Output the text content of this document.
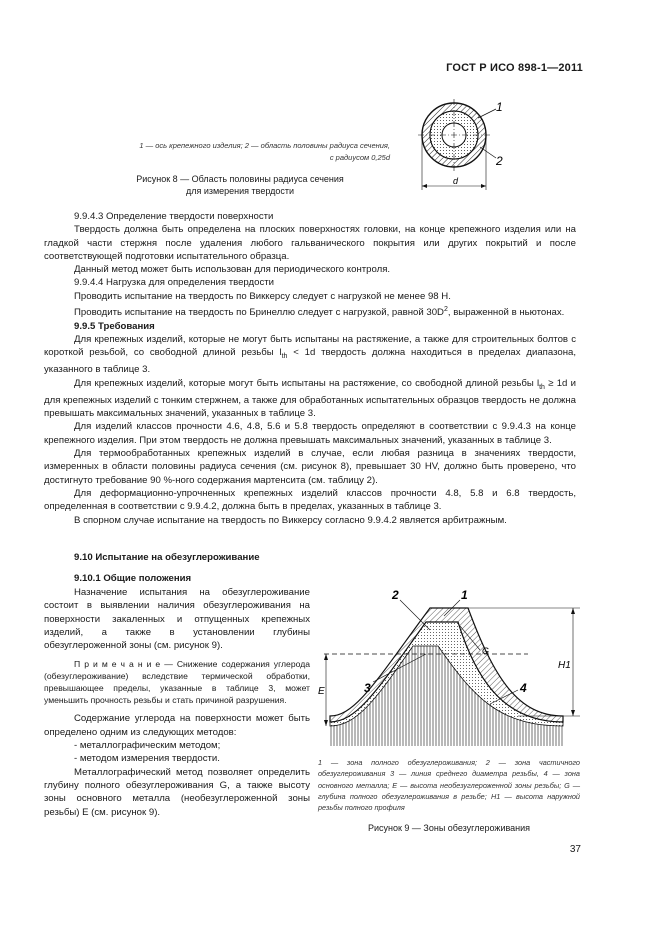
ГОСТ Р ИСО 898-1—2011
1 — ось крепежного изделия; 2 — область половины радиуса сечения,
с радиусом 0,25d
1
2
d
Рисунок 8 — Область половины радиуса сечения
для измерения твердости

9.9.4.3 Определение твердости поверхности

Твердость должна быть определена на плоских поверхностях головки, на конце крепежного изделия или на гладкой части стержня после удаления любого гальванического покрытия или других покрытий и после соответствующей подготовки испытательного образца.

Данный метод может быть использован для периодического контроля.

9.9.4.4 Нагрузка для определения твердости

Проводить испытание на твердость по Виккерсу следует с нагрузкой не менее 98 Н.

Проводить испытание на твердость по Бринеллю следует с нагрузкой, равной $30D^2$, выраженной в ньютонах.

9.9.5 Требования

Для крепежных изделий, которые не могут быть испытаны на растяжение, а также для строительных болтов с короткой резьбой, со свободной длиной резьбы $l_{th} < 1d$ твердость должна находиться в пределах диапазона, указанного в таблице 3.

Для крепежных изделий, которые могут быть испытаны на растяжение, со свободной длиной резьбы $l_{th} \ge 1d$ и для крепежных изделий с тонким стержнем, а также для обработанных испытательных образцов твердость не должна превышать максимальных значений, указанных в таблице 3.

Для изделий классов прочности 4.6, 4.8, 5.6 и 5.8 твердость определяют в соответствии с 9.9.4.3 на конце крепежного изделия. При этом твердость не должна превышать максимальных значений, указанных в таблице 3.

Для термообработанных крепежных изделий в случае, если любая разница в значениях твердости, измеренных в области половины радиуса сечения (см. рисунок 8), превышает 30 HV, должно быть проверено, что достигнуто требование 90 %-ного содержания мартенсита (см. таблицу 2).

Для деформационно-упрочненных крепежных изделий классов прочности 4.8, 5.8 и 6.8 твердость, определенная в соответствии с 9.9.4.2, должна быть в пределах, указанных в таблице 3.

В спорном случае испытание на твердость по Виккерсу согласно 9.9.4.2 является арбитражным.

9.10 Испытание на обезуглероживание
9.10.1 Общие положения

Назначение испытания на обезуглероживание состоит в выявлении наличия обезуглероживания на поверхности закаленных и отпущенных крепежных изделий, а также в установлении глубины обезуглероженной зоны (см. рисунок 9).

П р и м е ч а н и е — Снижение содержания углерода (обезуглероживание) вследствие термической обработки, превышающее пределы, указанные в таблице 3, может уменьшить прочность резьбы и стать причиной разрушения.

Содержание углерода на поверхности может быть определено одним из следующих методов:

- металлографическим методом;

- методом измерения твердости.

Металлографический метод позволяет определить глубину полного обезуглероживания G, а также высоту зоны основного металла (необезуглероженной зоны резьбы) E (см. рисунок 9).

H1
E
2	1
G
3	4
1 — зона полного обезуглероживания; 2 — зона частичного обезуглероживания 3 — линия среднего диаметра резьбы, 4 — зона основного металла; E — высота необезуглероженной зоны резьбы; G — глубина полного обезуглероживания в резьбе; H1 — высота наружной резьбы полного профиля
Рисунок 9 — Зоны обезуглероживания
37
